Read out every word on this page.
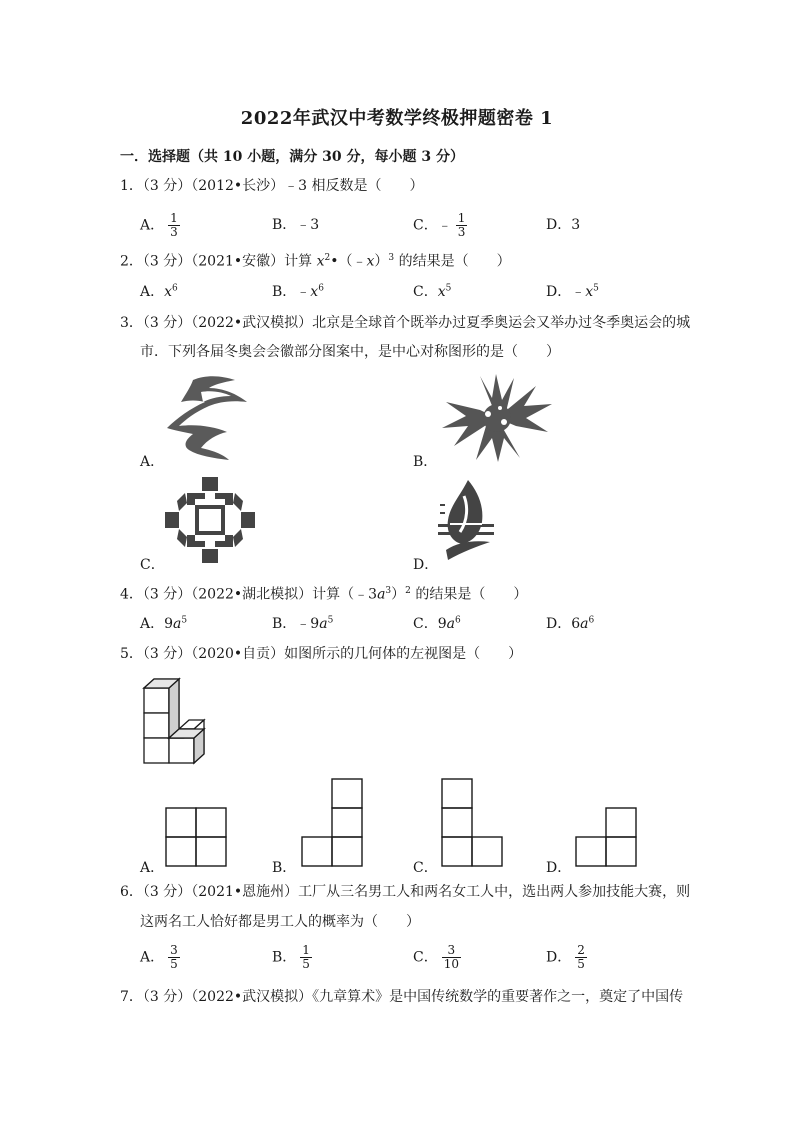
2022年武汉中考数学终极押题密卷 1
一．选择题（共 10 小题，满分 30 分，每小题 3 分）
1．（3 分）（2012•长沙）﹣3 相反数是（　　）
A． $\frac{1}{3}$	B．﹣3	C．﹣ $\frac{1}{3}$	D．3
2．（3 分）（2021•安徽）计算 $x^2•(﹣x)^3$ 的结果是（　　）
A．$x^6$	B．$﹣x^6$	C．$x^5$	D．$﹣x^5$
3．（3 分）（2022•武汉模拟）北京是全球首个既举办过夏季奥运会又举办过冬季奥运会的城
市．下列各届冬奥会会徽部分图案中，是中心对称图形的是（　　）
A．	B．
C．	D．
4．（3 分）（2022•湖北模拟）计算$(﹣3a^3)^2$ 的结果是（　　）
A．$9a^5$	B．$﹣9a^5$	C．$9a^6$	D．$6a^6$
5．（3 分）（2020•自贡）如图所示的几何体的左视图是（　　）
A．	B．	C．	D．
6．（3 分）（2021•恩施州）工厂从三名男工人和两名女工人中，选出两人参加技能大赛，则
这两名工人恰好都是男工人的概率为（　　）
A． $\frac{3}{5}$	B． $\frac{1}{5}$	C． $\frac{3}{10}$	D． $\frac{2}{5}$
7．（3 分）（2022•武汉模拟）《九章算术》是中国传统数学的重要著作之一，奠定了中国传
